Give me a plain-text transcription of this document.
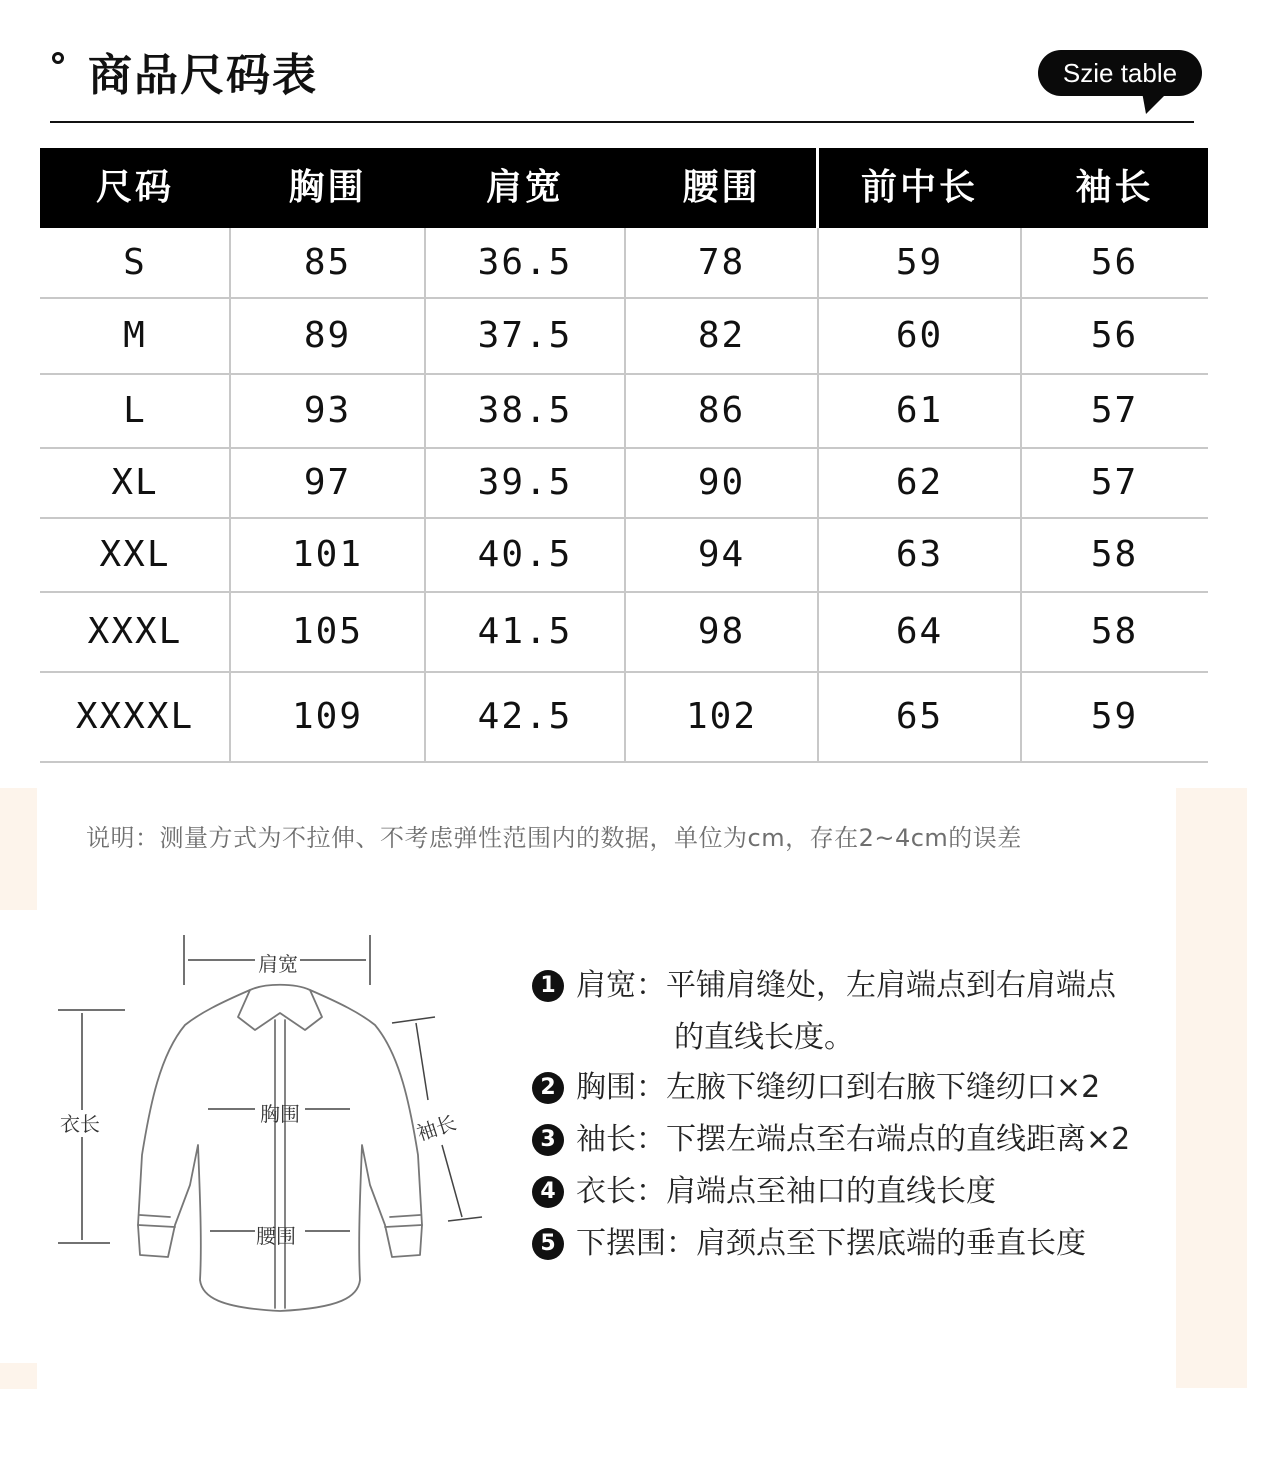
商品尺码表	Szie table
尺码	胸围	肩宽	腰围	前中长	袖长
S	85	36.5	78	59	56
M	89	37.5	82	60	56
L	93	38.5	86	61	57
XL	97	39.5	90	62	57
XXL	101	40.5	94	63	58
XXXL	105	41.5	98	64	58
XXXXL	109	42.5	102	65	59
说明：测量方式为不拉伸、不考虑弹性范围内的数据，单位为cm，存在2~4cm的误差
肩宽
衣长	胸围
腰围
袖长
1 肩宽：平铺肩缝处，左肩端点到右肩端点
的直线长度。
2 胸围：左腋下缝纫口到右腋下缝纫口×2
3 袖长：下摆左端点至右端点的直线距离×2
4 衣长：肩端点至袖口的直线长度
5 下摆围：肩颈点至下摆底端的垂直长度
